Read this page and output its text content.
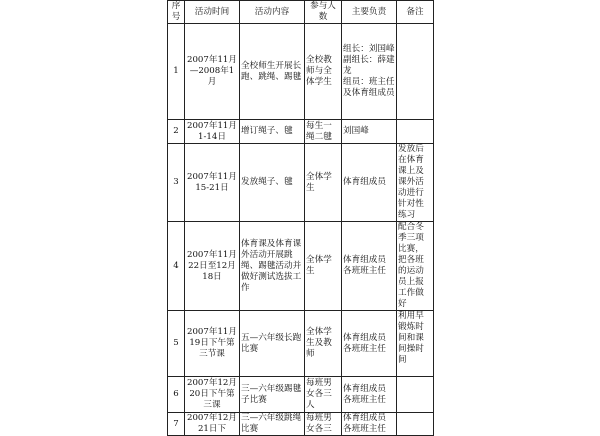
序号	活动时间	活动内容	参与人数	主要负责	备注
1	2007年11月—2008年1月	全校师生开展长跑、跳绳、踢毽	全校教师与全体学生	组长：刘国峰
副组长：薛建龙
组员：班主任及体育组成员	
2	2007年11月1-14日	增订绳子、毽	每生一绳二毽	刘国峰	
3	2007年11月15-21日	发放绳子、毽	全体学生	体育组成员	发放后在体育课上及课外活动进行针对性练习
4	2007年11月22日至12月18日	体育课及体育课外活动开展跳绳、踢毽活动并做好测试选拔工作	全体学生	体育组成员
各班班主任	配合冬季三项比赛，把各班的运动员上报工作做好
5	2007年11月19日下午第三节课	五—六年级长跑比赛	全体学生及教师	体育组成员
各班班主任	利用早锻炼时间和课间操时间
6	2007年12月20日下午第三课	三—六年级踢毽子比赛	每班男女各三人	体育组成员
各班班主任	
7	2007年12月21日下	三—六年级跳绳比赛	每班男女各三	体育组成员
各班班主任	
